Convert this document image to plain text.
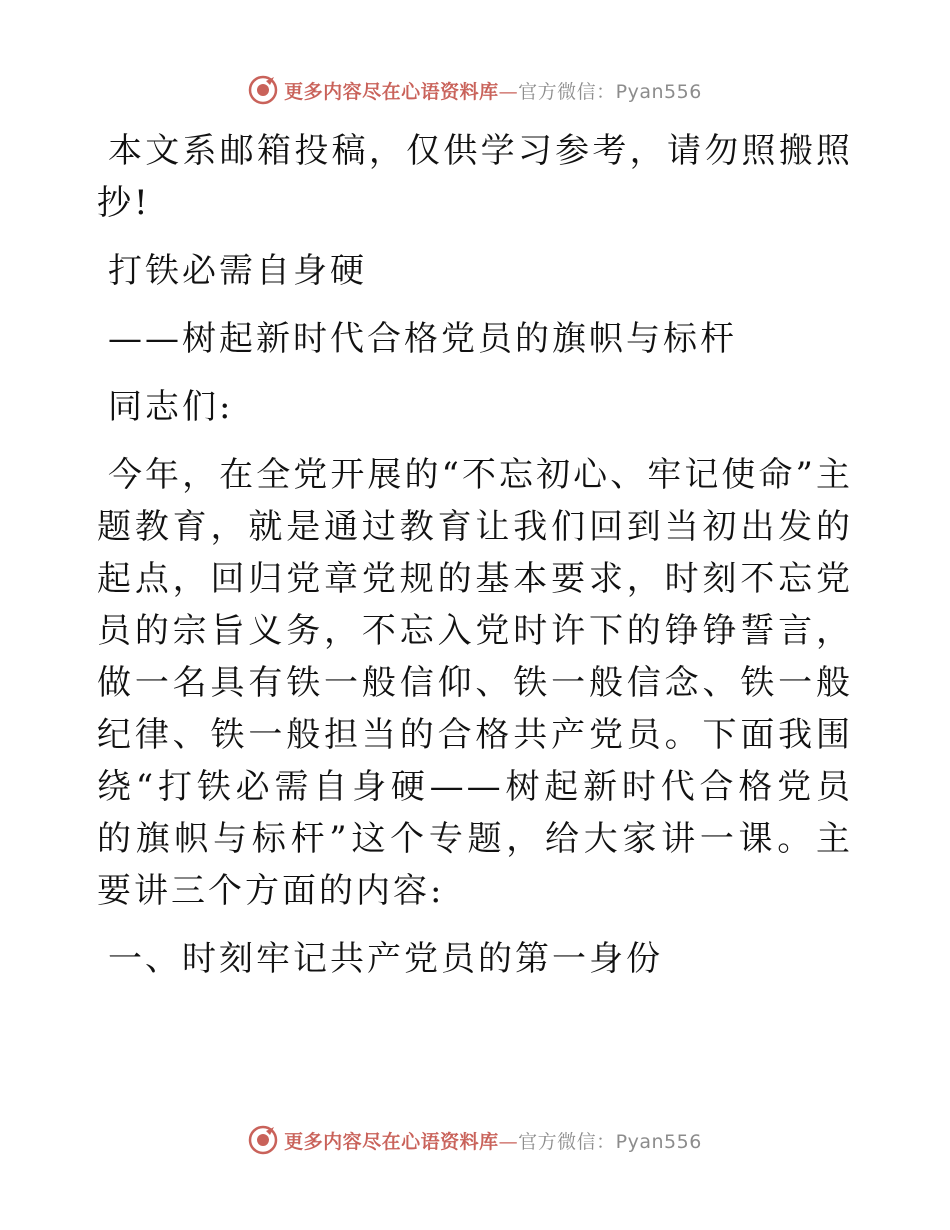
更多内容尽在心语资料库—官方微信：Pyan556

本文系邮箱投稿，仅供学习参考，请勿照搬照抄!

打铁必需自身硬

——树起新时代合格党员的旗帜与标杆

同志们:

今年，在全党开展的“不忘初心、牢记使命”主题教育，就是通过教育让我们回到当初出发的起点，回归党章党规的基本要求，时刻不忘党员的宗旨义务，不忘入党时许下的铮铮誓言，做一名具有铁一般信仰、铁一般信念、铁一般纪律、铁一般担当的合格共产党员。下面我围绕“打铁必需自身硬——树起新时代合格党员的旗帜与标杆”这个专题，给大家讲一课。主要讲三个方面的内容:

一、时刻牢记共产党员的第一身份

更多内容尽在心语资料库—官方微信：Pyan556
